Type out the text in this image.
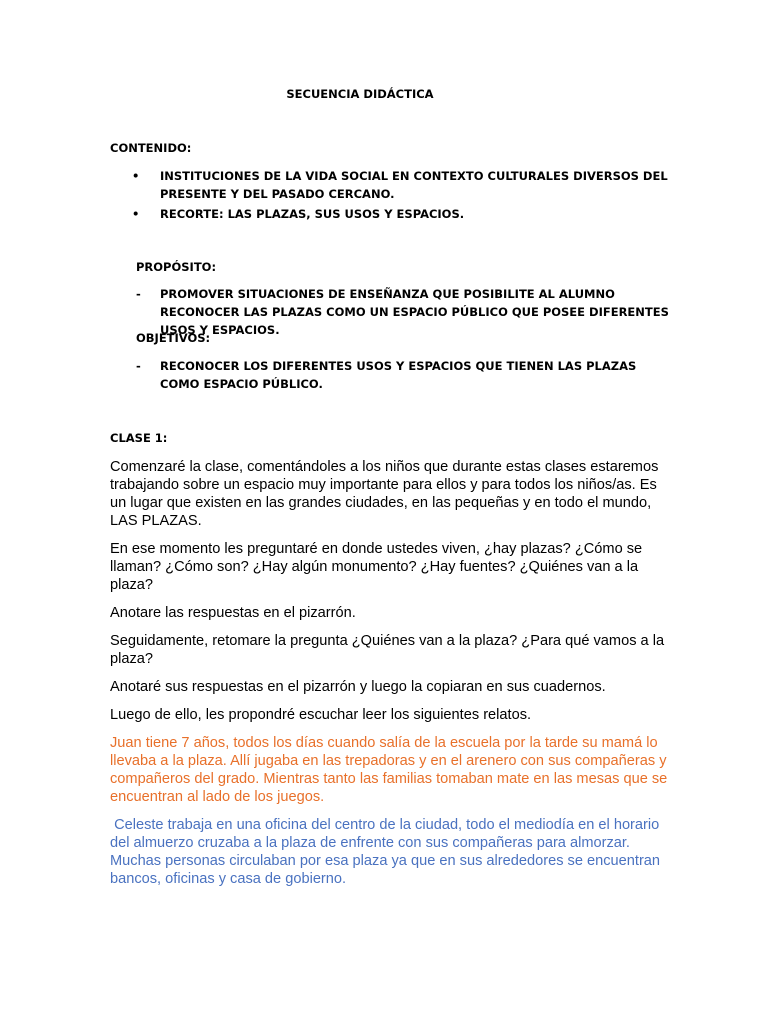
SECUENCIA DIDÁCTICA
CONTENIDO:
• INSTITUCIONES DE LA VIDA SOCIAL EN CONTEXTO CULTURALES DIVERSOS DEL PRESENTE Y DEL PASADO CERCANO.
• RECORTE: LAS PLAZAS, SUS USOS Y ESPACIOS.
PROPÓSITO:
- PROMOVER SITUACIONES DE ENSEÑANZA QUE POSIBILITE AL ALUMNO RECONOCER LAS PLAZAS COMO UN ESPACIO PÚBLICO QUE POSEE DIFERENTES USOS Y ESPACIOS.
OBJETIVOS:
- RECONOCER LOS DIFERENTES USOS Y ESPACIOS QUE TIENEN LAS PLAZAS COMO ESPACIO PÚBLICO.
CLASE 1:

Comenzaré la clase, comentándoles a los niños que durante estas clases estaremos trabajando sobre un espacio muy importante para ellos y para todos los niños/as. Es un lugar que existen en las grandes ciudades, en las pequeñas y en todo el mundo, LAS PLAZAS.

En ese momento les preguntaré en donde ustedes viven, ¿hay plazas? ¿Cómo se llaman? ¿Cómo son? ¿Hay algún monumento? ¿Hay fuentes? ¿Quiénes van a la plaza?

Anotare las respuestas en el pizarrón.

Seguidamente, retomare la pregunta ¿Quiénes van a la plaza? ¿Para qué vamos a la plaza?

Anotaré sus respuestas en el pizarrón y luego la copiaran en sus cuadernos.

Luego de ello, les propondré escuchar leer los siguientes relatos.

Juan tiene 7 años, todos los días cuando salía de la escuela por la tarde su mamá lo llevaba a la plaza. Allí jugaba en las trepadoras y en el arenero con sus compañeras y compañeros del grado. Mientras tanto las familias tomaban mate en las mesas que se encuentran al lado de los juegos.

Celeste trabaja en una oficina del centro de la ciudad, todo el mediodía en el horario del almuerzo cruzaba a la plaza de enfrente con sus compañeras para almorzar. Muchas personas circulaban por esa plaza ya que en sus alrededores se encuentran bancos, oficinas y casa de gobierno.
